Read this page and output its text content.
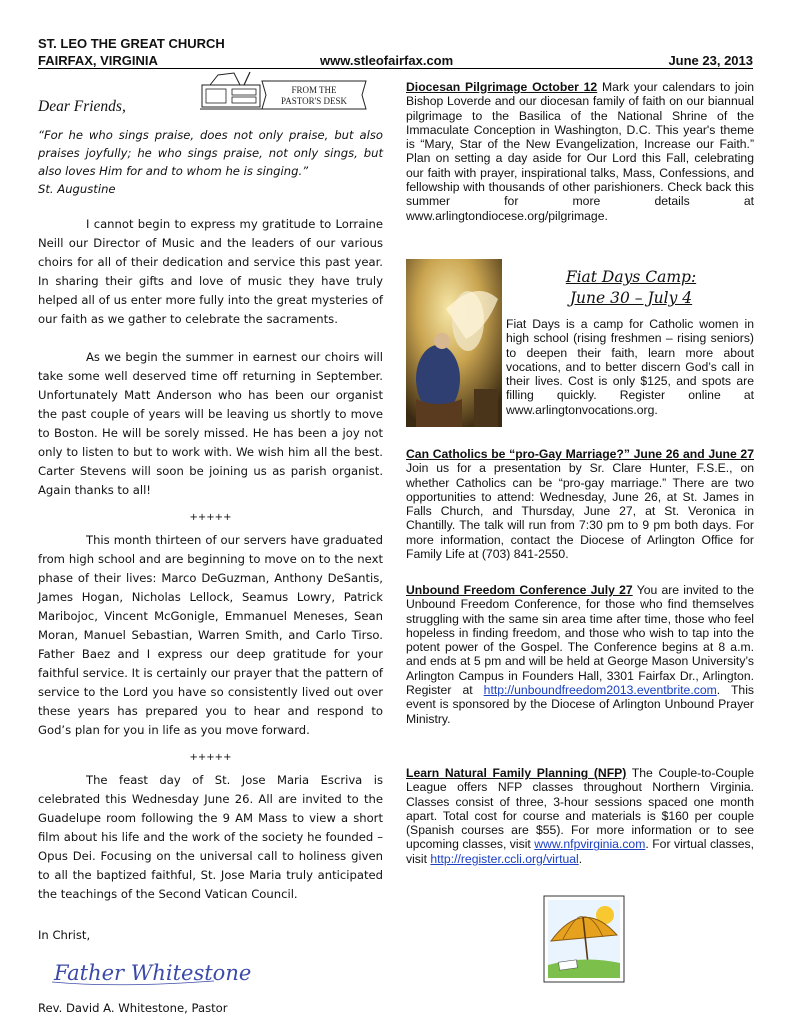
ST. LEO THE GREAT CHURCH
FAIRFAX, VIRGINIA	www.stleofairfax.com	June 23, 2013
FROM THE
PASTOR'S DESK
Dear Friends,

“For he who sings praise, does not only praise, but also praises joyfully; he who sings praise, not only sings, but also loves Him for and to whom he is singing.”

St. Augustine

I cannot begin to express my gratitude to Lorraine Neill our Director of Music and the leaders of our various choirs for all of their dedication and service this past year. In sharing their gifts and love of music they have truly helped all of us enter more fully into the great mysteries of our faith as we gather to celebrate the sacraments.

As we begin the summer in earnest our choirs will take some well deserved time off returning in September. Unfortunately Matt Anderson who has been our organist the past couple of years will be leaving us shortly to move to Boston. He will be sorely missed. He has been a joy not only to listen to but to work with. We wish him all the best. Carter Stevens will soon be joining us as parish organist. Again thanks to all!

+++++

This month thirteen of our servers have graduated from high school and are beginning to move on to the next phase of their lives: Marco DeGuzman, Anthony DeSantis, James Hogan, Nicholas Lellock, Seamus Lowry, Patrick Maribojoc, Vincent McGonigle, Emmanuel Meneses, Sean Moran, Manuel Sebastian, Warren Smith, and Carlo Tirso. Father Baez and I express our deep gratitude for your faithful service. It is certainly our prayer that the pattern of service to the Lord you have so consistently lived out over these years has prepared you to hear and respond to God’s plan for you in life as you move forward.

+++++

The feast day of St. Jose Maria Escriva is celebrated this Wednesday June 26. All are invited to the Guadelupe room following the 9 AM Mass to view a short film about his life and the work of the society he founded – Opus Dei. Focusing on the universal call to holiness given to all the baptized faithful, St. Jose Maria truly anticipated the teachings of the Second Vatican Council.

In Christ,
Father Whitestone
Rev. David A. Whitestone, Pastor

Diocesan Pilgrimage October 12 Mark your calendars to join Bishop Loverde and our diocesan family of faith on our biannual pilgrimage to the Basilica of the National Shrine of the Immaculate Conception in Washington, D.C. This year's theme is “Mary, Star of the New Evangelization, Increase our Faith.” Plan on setting a day aside for Our Lord this Fall, celebrating our faith with prayer, inspirational talks, Mass, Confessions, and fellowship with thousands of other parishioners. Check back this summer for more details at www.arlingtondiocese.org/pilgrimage.

Fiat Days Camp:
June 30 – July 4
Fiat Days is a camp for Catholic women in high school (rising freshmen – rising seniors) to deepen their faith, learn more about vocations, and to better discern God’s call in their lives. Cost is only $125, and spots are filling quickly. Register online at www.arlingtonvocations.org.

Can Catholics be “pro-Gay Marriage?” June 26 and June 27 Join us for a presentation by Sr. Clare Hunter, F.S.E., on whether Catholics can be “pro-gay marriage.” There are two opportunities to attend: Wednesday, June 26, at St. James in Falls Church, and Thursday, June 27, at St. Veronica in Chantilly. The talk will run from 7:30 pm to 9 pm both days. For more information, contact the Diocese of Arlington Office for Family Life at (703) 841-2550.

Unbound Freedom Conference July 27 You are invited to the Unbound Freedom Conference, for those who find themselves struggling with the same sin area time after time, those who feel hopeless in finding freedom, and those who wish to tap into the potent power of the Gospel. The Conference begins at 8 a.m. and ends at 5 pm and will be held at George Mason University’s Arlington Campus in Founders Hall, 3301 Fairfax Dr., Arlington. Register at http://unboundfreedom2013.eventbrite.com. This event is sponsored by the Diocese of Arlington Unbound Prayer Ministry.

Learn Natural Family Planning (NFP) The Couple-to-Couple League offers NFP classes throughout Northern Virginia. Classes consist of three, 3-hour sessions spaced one month apart. Total cost for course and materials is $160 per couple (Spanish courses are $55). For more information or to see upcoming classes, visit www.nfpvirginia.com. For virtual classes, visit http://register.ccli.org/virtual.
